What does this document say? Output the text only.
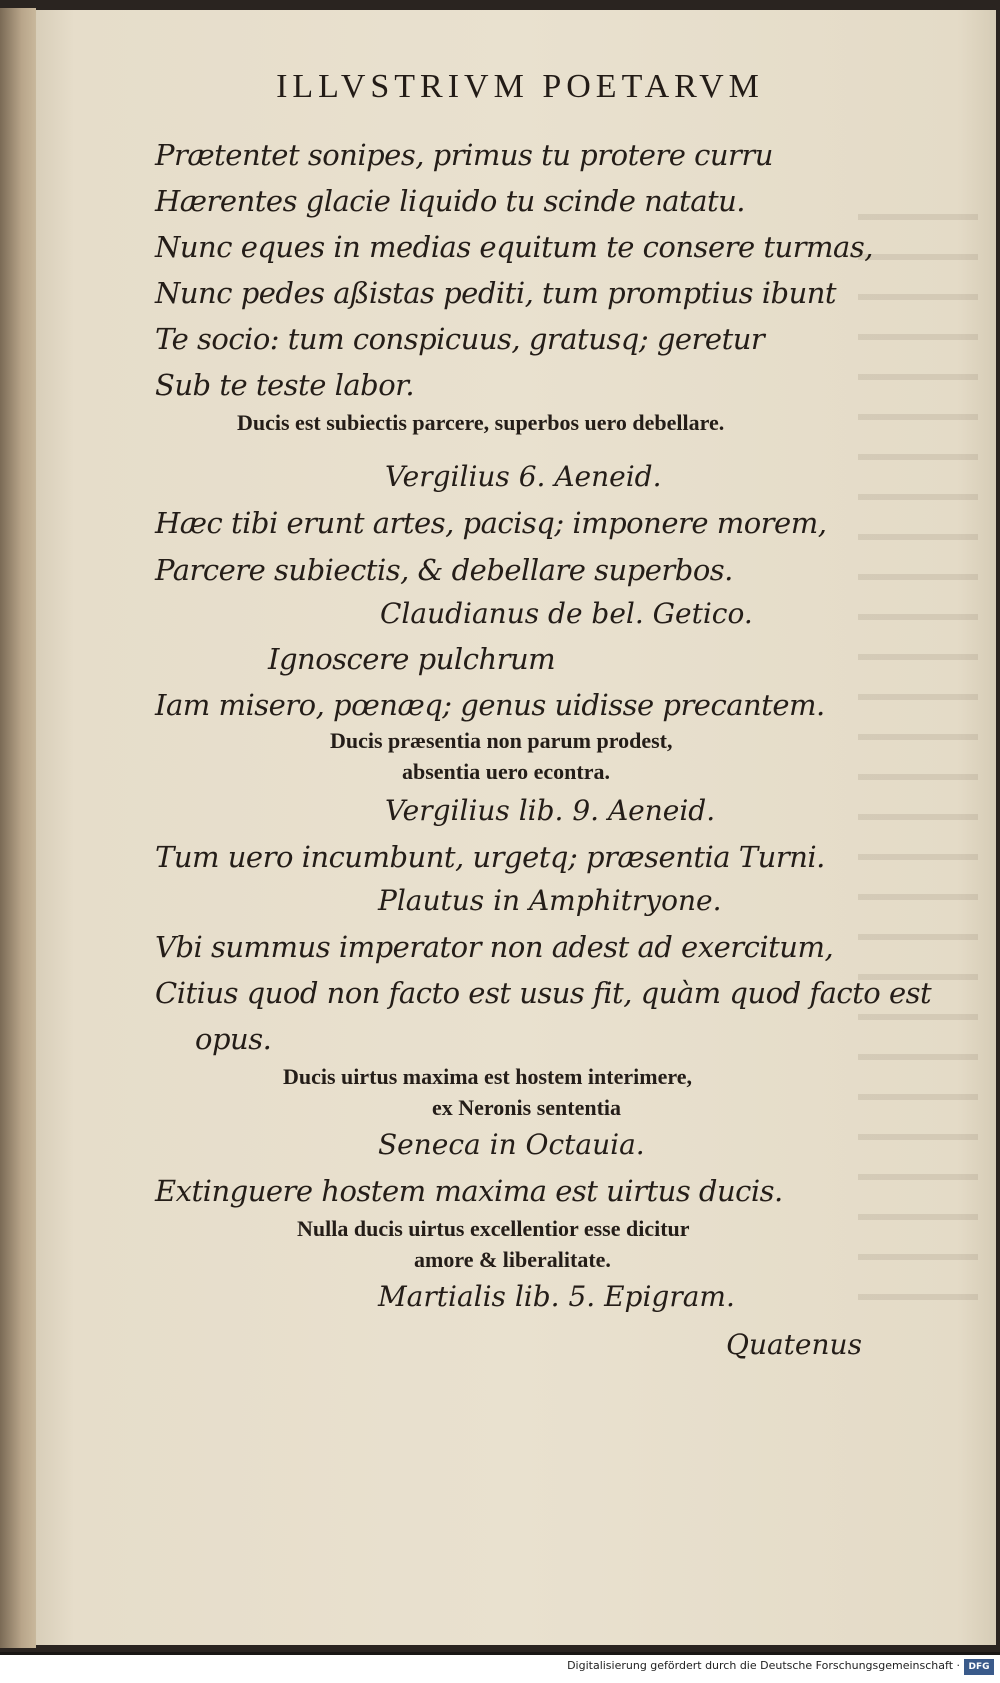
ILLVSTRIVM POETARVM
Prætentet sonipes, primus tu protere curru
Hærentes glacie liquido tu scinde natatu.
Nunc eques in medias equitum te consere turmas,
Nunc pedes aßistas pediti, tum promptius ibunt
Te socio: tum conspicuus, gratusq; geretur
Sub te teste labor.
Ducis est subiectis parcere, superbos uero debellare.
Vergilius 6. Aeneid.
Hæc tibi erunt artes, pacisq; imponere morem,
Parcere subiectis, & debellare superbos.
Claudianus de bel. Getico.
Ignoscere pulchrum
Iam misero, pœnæq; genus uidisse precantem.
Ducis præsentia non parum prodest,
absentia uero econtra.
Vergilius lib. 9. Aeneid.
Tum uero incumbunt, urgetq; præsentia Turni.
Plautus in Amphitryone.
Vbi summus imperator non adest ad exercitum,
Citius quod non facto est usus fit, quàm quod facto est
opus.
Ducis uirtus maxima est hostem interimere,
ex Neronis sententia
Seneca in Octauia.
Extinguere hostem maxima est uirtus ducis.
Nulla ducis uirtus excellentior esse dicitur
amore & liberalitate.
Martialis lib. 5. Epigram.
Quatenus
Digitalisierung gefördert durch die Deutsche Forschungsgemeinschaft · DFG
